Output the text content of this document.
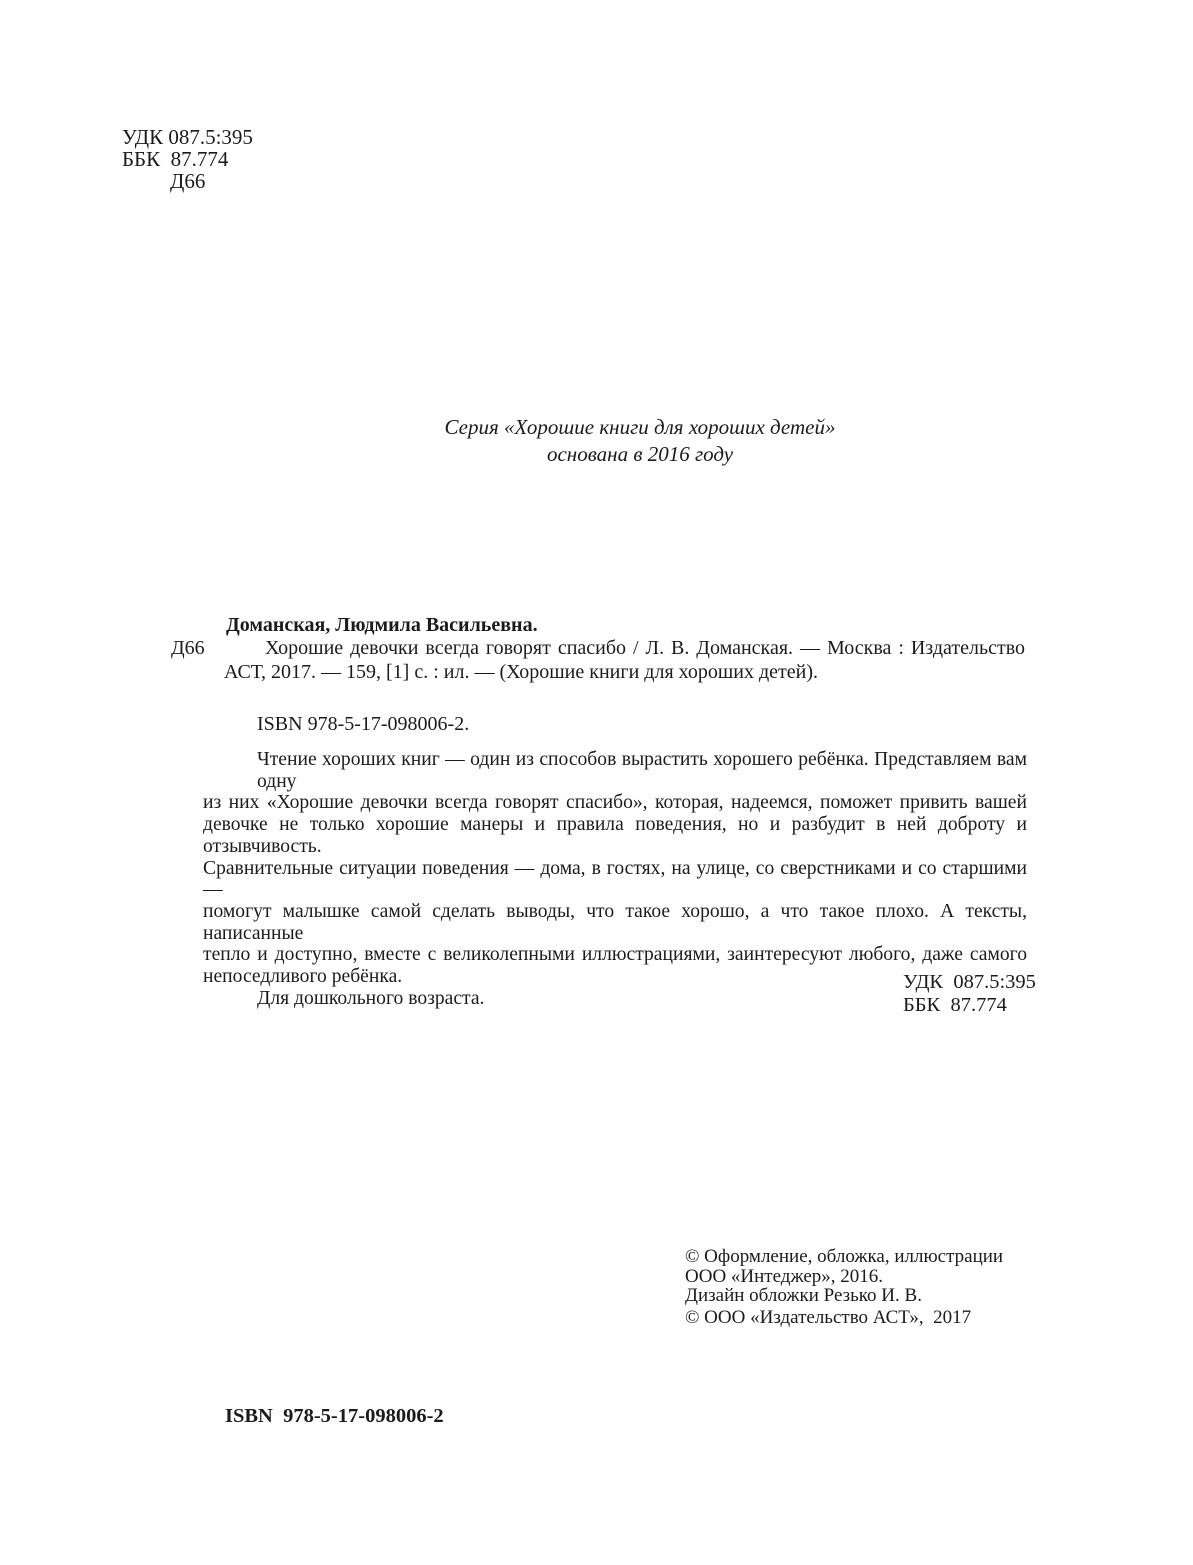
УДК 087.5:395
ББК  87.774
Д66
Серия «Хорошие книги для хороших детей»
основана в 2016 году
Д66
Доманская, Людмила Васильевна.
Хорошие девочки всегда говорят спасибо / Л. В. Доманская. — Москва : Издательство
АСТ, 2017. — 159, [1] с. : ил. — (Хорошие книги для хороших детей).
ISBN 978-5-17-098006-2.
Чтение хороших книг — один из способов вырастить хорошего ребёнка. Представляем вам одну
из них «Хорошие девочки всегда говорят спасибо», которая, надеемся, поможет привить вашей
девочке не только хорошие манеры и правила поведения, но и разбудит в ней доброту и отзывчивость.
Сравнительные ситуации поведения — дома, в гостях, на улице, со сверстниками и со старшими —
помогут малышке самой сделать выводы, что такое хорошо, а что такое плохо. А тексты, написанные
тепло и доступно, вместе с великолепными иллюстрациями, заинтересуют любого, даже самого
непоседливого ребёнка.
Для дошкольного возраста.
УДК  087.5:395
ББК  87.774
© Оформление, обложка, иллюстрации
ООО «Интеджер», 2016.
Дизайн обложки Резько И. В.
© ООО «Издательство АСТ»,  2017
ISBN  978-5-17-098006-2
